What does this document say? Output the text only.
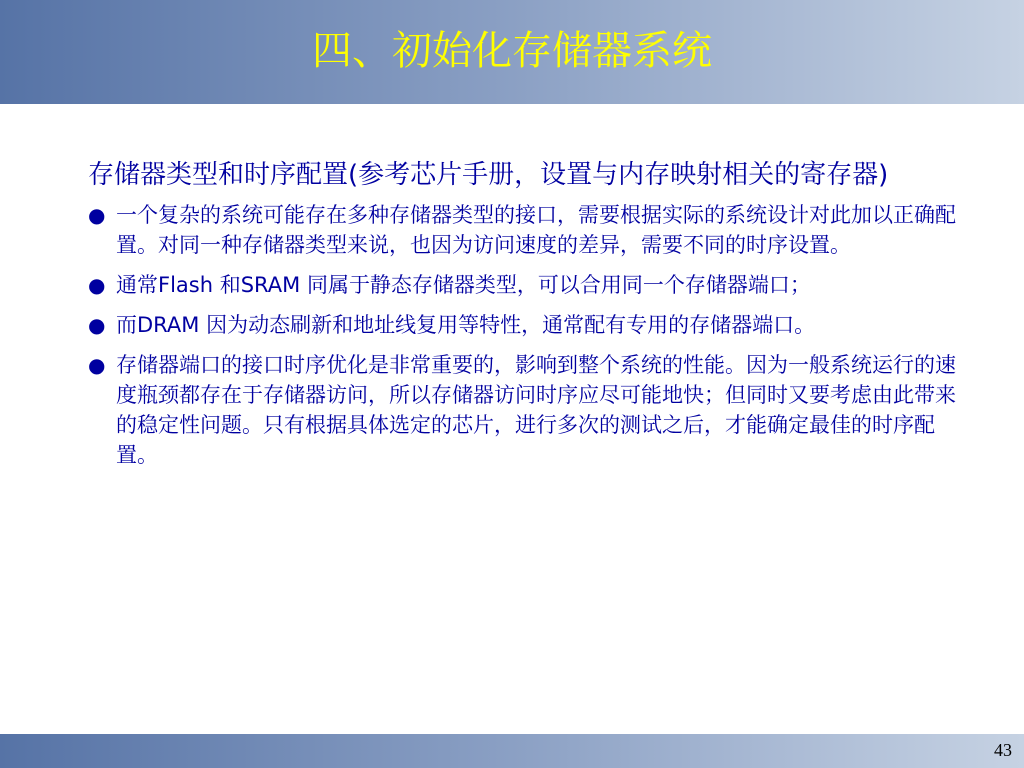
四、初始化存储器系统

存储器类型和时序配置(参考芯片手册，设置与内存映射相关的寄存器)

● 一个复杂的系统可能存在多种存储器类型的接口，需要根据实际的系统设计对此加以正确配置。对同一种存储器类型来说，也因为访问速度的差异，需要不同的时序设置。
● 通常Flash 和SRAM 同属于静态存储器类型，可以合用同一个存储器端口；
● 而DRAM 因为动态刷新和地址线复用等特性，通常配有专用的存储器端口。
● 存储器端口的接口时序优化是非常重要的，影响到整个系统的性能。因为一般系统运行的速度瓶颈都存在于存储器访问，所以存储器访问时序应尽可能地快；但同时又要考虑由此带来的稳定性问题。只有根据具体选定的芯片，进行多次的测试之后，才能确定最佳的时序配置。
43
